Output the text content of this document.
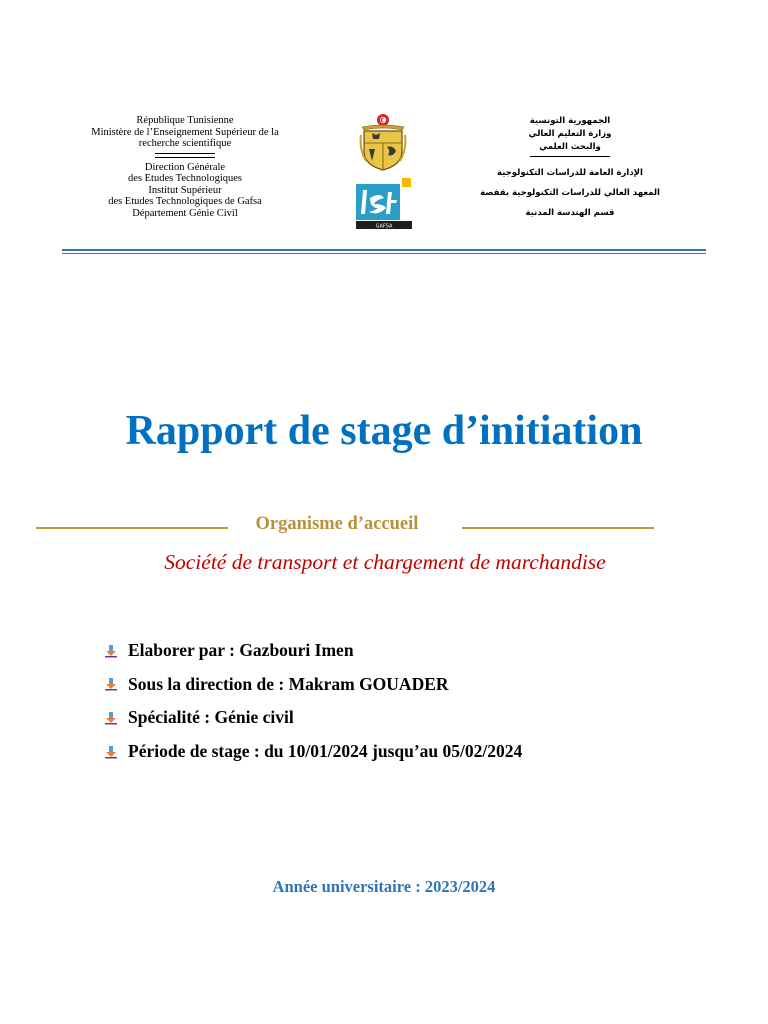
République Tunisienne
Ministère de l’Enseignement Supérieur de la
recherche scientifique
Direction Générale
des Etudes Technologiques
Institut Supérieur
des Etudes Technologiques de Gafsa
Département Génie Civil
GAFSA
الجمهورية التونسية
وزارة التعليم العالي
والبحث العلمي
الإدارة العامة للدراسات التكنولوجية
المعهد العالي للدراسات التكنولوجية بقفصة
قسم الهندسة المدنية
Rapport de stage d’initiation
Organisme d’accueil
Société de transport et chargement de marchandise
Elaborer par : Gazbouri Imen
Sous la direction de : Makram GOUADER
Spécialité : Génie civil
Période de stage : du 10/01/2024 jusqu’au 05/02/2024
Année universitaire : 2023/2024
